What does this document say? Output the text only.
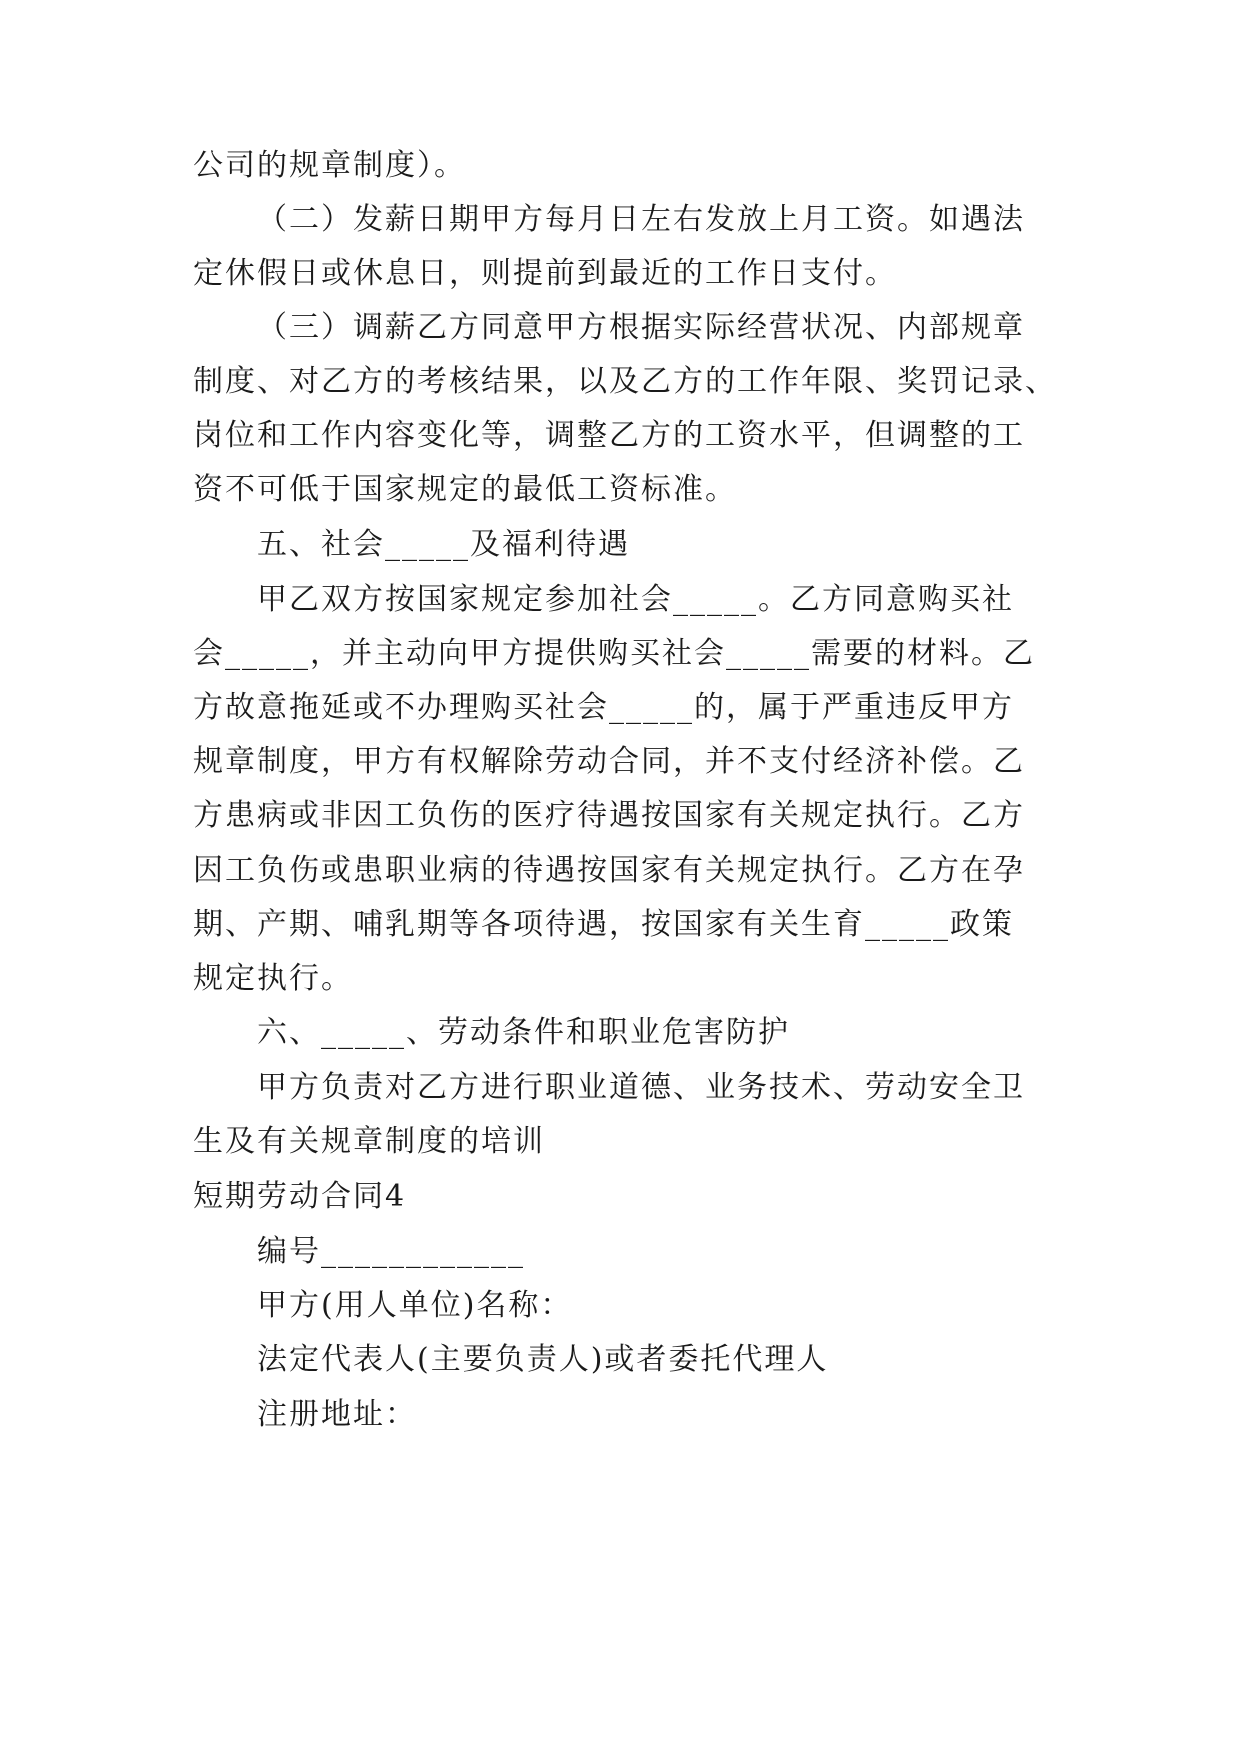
公司的规章制度）。
（二）发薪日期甲方每月日左右发放上月工资。如遇法
定休假日或休息日，则提前到最近的工作日支付。
（三）调薪乙方同意甲方根据实际经营状况、内部规章
制度、对乙方的考核结果，以及乙方的工作年限、奖罚记录、
岗位和工作内容变化等，调整乙方的工资水平，但调整的工
资不可低于国家规定的最低工资标准。
五、社会_____及福利待遇
甲乙双方按国家规定参加社会_____。乙方同意购买社
会_____，并主动向甲方提供购买社会_____需要的材料。乙
方故意拖延或不办理购买社会_____的，属于严重违反甲方
规章制度，甲方有权解除劳动合同，并不支付经济补偿。乙
方患病或非因工负伤的医疗待遇按国家有关规定执行。乙方
因工负伤或患职业病的待遇按国家有关规定执行。乙方在孕
期、产期、哺乳期等各项待遇，按国家有关生育_____政策
规定执行。
六、_____、劳动条件和职业危害防护
甲方负责对乙方进行职业道德、业务技术、劳动安全卫
生及有关规章制度的培训
短期劳动合同4
编号____________
甲方(用人单位)名称：
法定代表人(主要负责人)或者委托代理人
注册地址：
